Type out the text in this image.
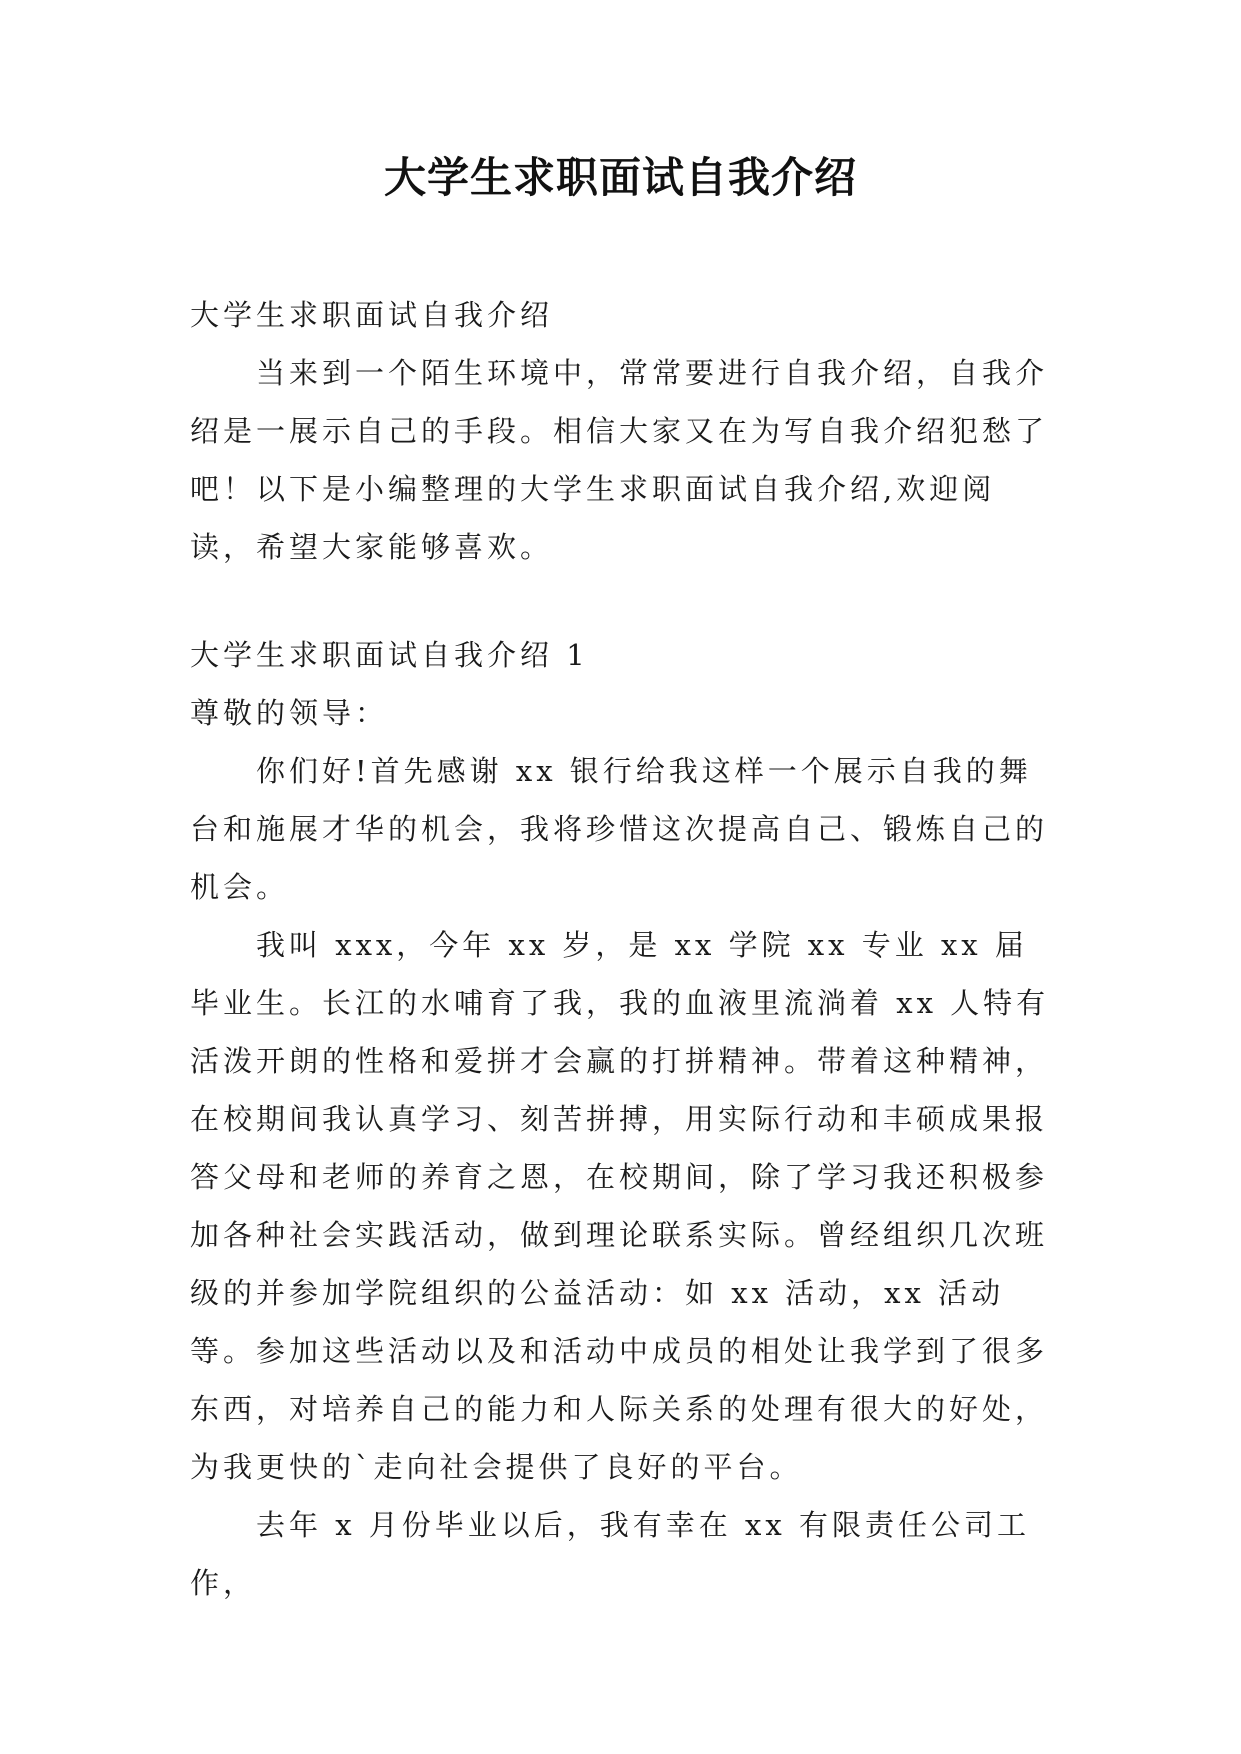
大学生求职面试自我介绍

大学生求职面试自我介绍

当来到一个陌生环境中，常常要进行自我介绍，自我介绍是一展示自己的手段。相信大家又在为写自我介绍犯愁了吧！以下是小编整理的大学生求职面试自我介绍,欢迎阅读，希望大家能够喜欢。

大学生求职面试自我介绍 1

尊敬的领导：

你们好!首先感谢 xx 银行给我这样一个展示自我的舞台和施展才华的机会，我将珍惜这次提高自己、锻炼自己的机会。

我叫 xxx，今年 xx 岁，是 xx 学院 xx 专业 xx 届毕业生。长江的水哺育了我，我的血液里流淌着 xx 人特有活泼开朗的性格和爱拼才会赢的打拼精神。带着这种精神，在校期间我认真学习、刻苦拼搏，用实际行动和丰硕成果报答父母和老师的养育之恩，在校期间，除了学习我还积极参加各种社会实践活动，做到理论联系实际。曾经组织几次班级的并参加学院组织的公益活动：如 xx 活动，xx 活动等。参加这些活动以及和活动中成员的相处让我学到了很多东西，对培养自己的能力和人际关系的处理有很大的好处，为我更快的`走向社会提供了良好的平台。

去年 x 月份毕业以后，我有幸在 xx 有限责任公司工作，
